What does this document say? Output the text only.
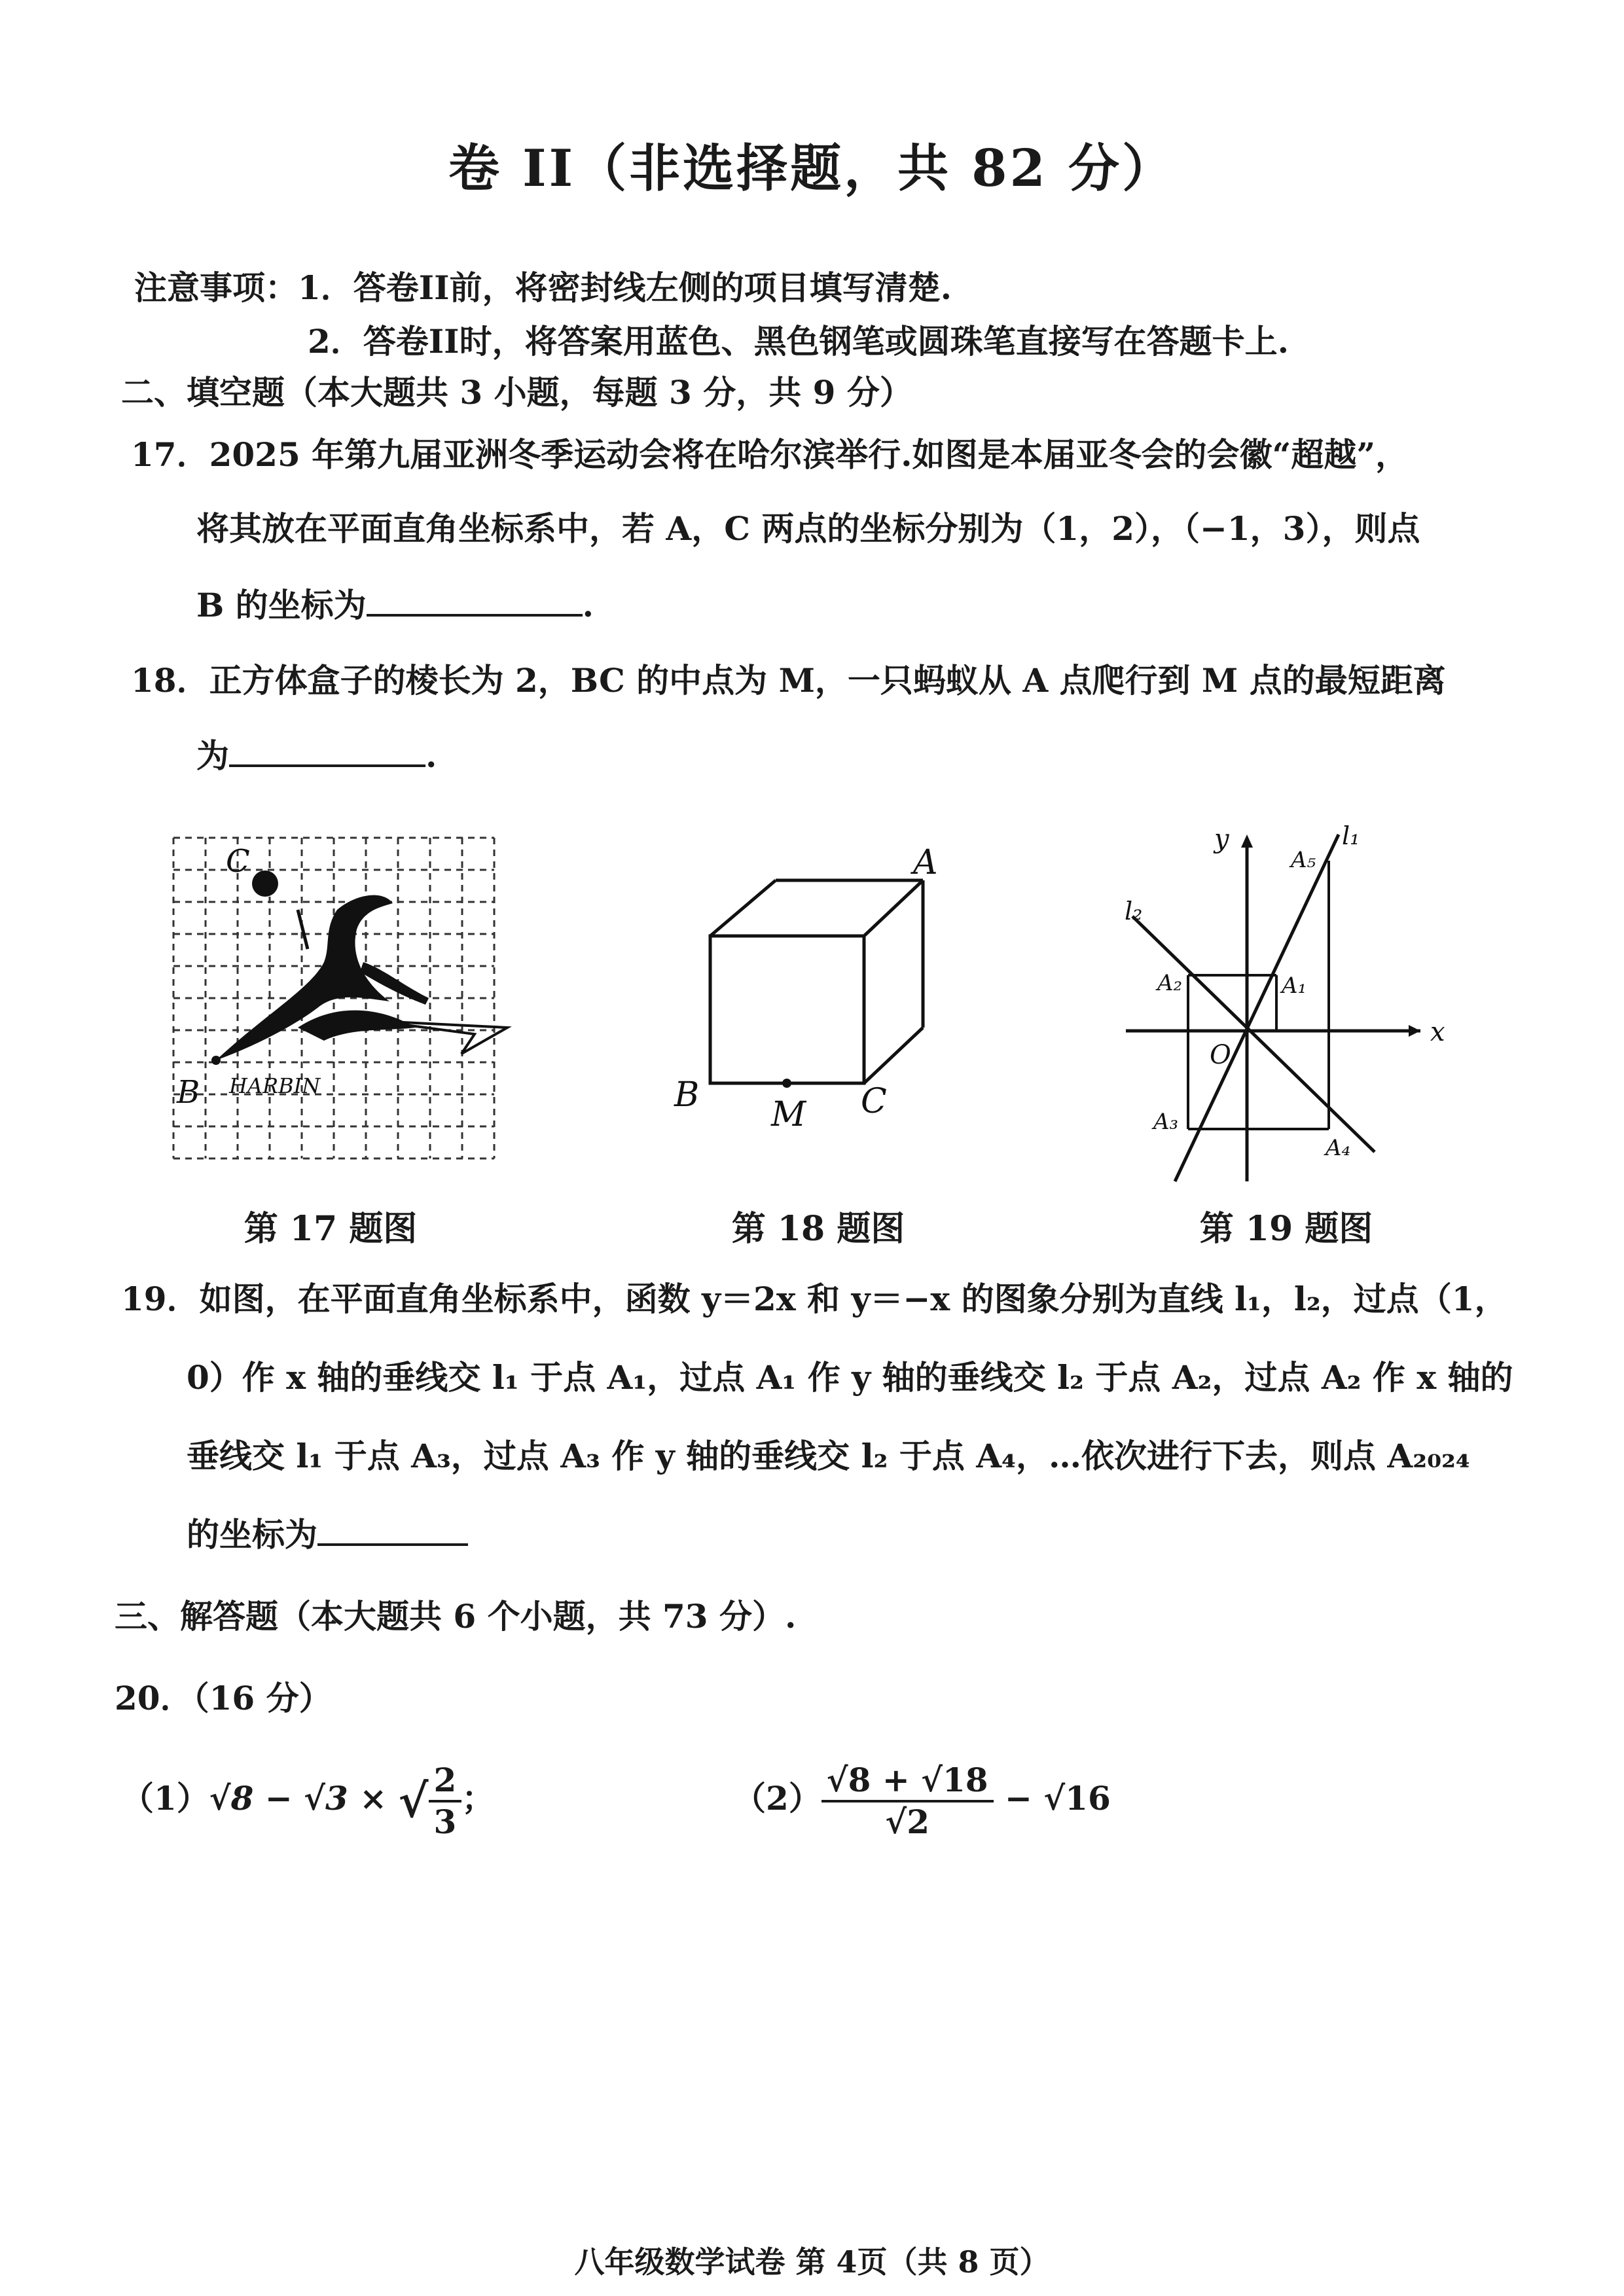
卷 II（非选择题，共 82 分）
注意事项：1．答卷II前，将密封线左侧的项目填写清楚.
2．答卷II时，将答案用蓝色、黑色钢笔或圆珠笔直接写在答题卡上.
二、填空题（本大题共 3 小题，每题 3 分，共 9 分）
17．2025 年第九届亚洲冬季运动会将在哈尔滨举行.如图是本届亚冬会的会徽“超越”，
将其放在平面直角坐标系中，若 A，C 两点的坐标分别为（1，2），（−1，3），则点
B 的坐标为	.
18．正方体盒子的棱长为 2，BC 的中点为 M，一只蚂蚁从 A 点爬行到 M 点的最短距离
为	.
C
B HARBIN
第 17 题图
A
B M C
第 18 题图
x
y
O
l₁
l₂
A₁
A₂
A₃
A₄
A₅
第 19 题图
19．如图，在平面直角坐标系中，函数 y＝2x 和 y＝−x 的图象分别为直线 l₁，l₂，过点（1，
0）作 x 轴的垂线交 l₁ 于点 A₁，过点 A₁ 作 y 轴的垂线交 l₂ 于点 A₂，过点 A₂ 作 x 轴的
垂线交 l₁ 于点 A₃，过点 A₃ 作 y 轴的垂线交 l₂ 于点 A₄，…依次进行下去，则点 A₂₀₂₄
的坐标为
三、解答题（本大题共 6 个小题，共 73 分）.
20．（16 分）
（1）√8 − √3 × √ $\frac{2}{3}$ ；	$(2) \frac{√8 + √18}{√2} - √16$
八年级数学试卷 第 4页（共 8 页）
